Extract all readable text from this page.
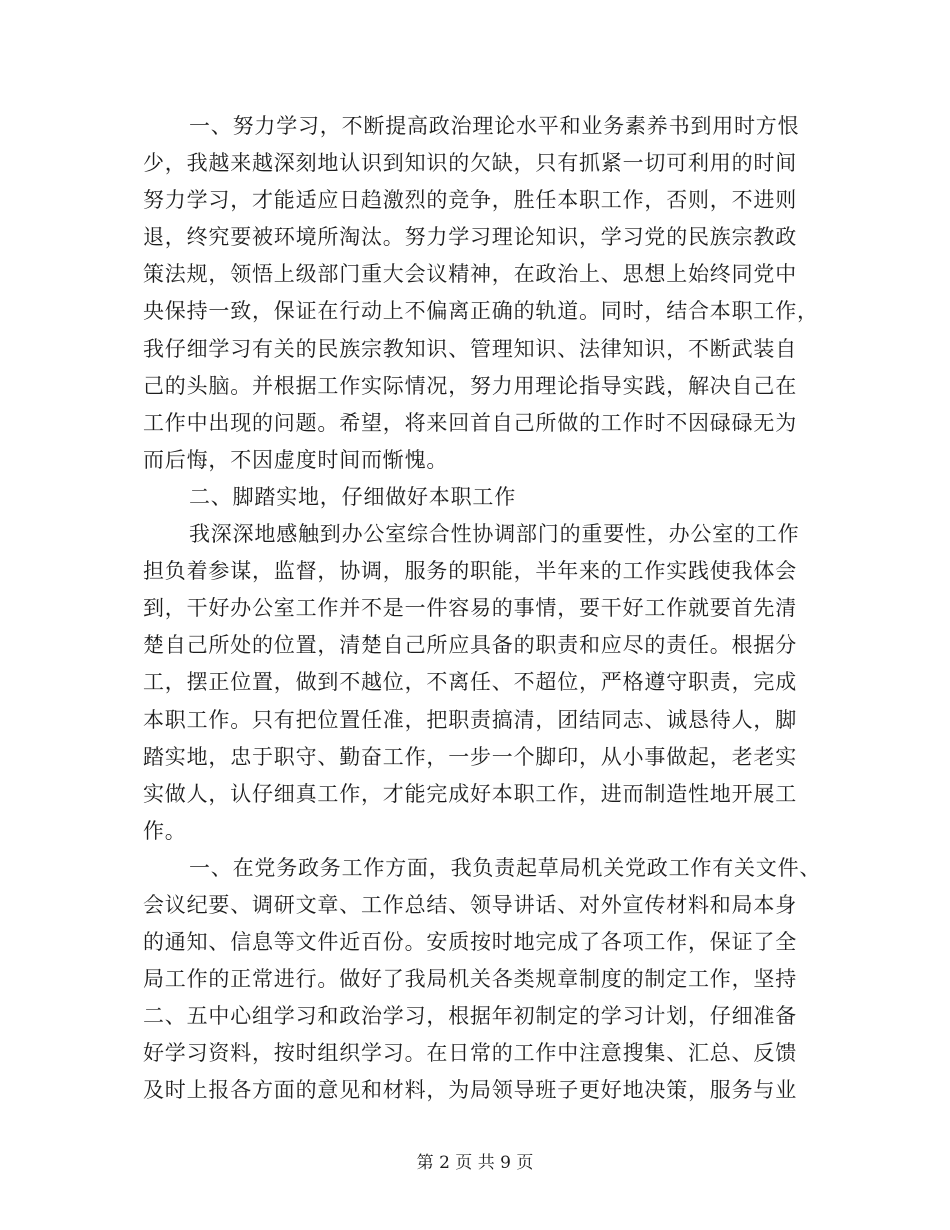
一、努力学习，不断提高政治理论水平和业务素养书到用时方恨
少，我越来越深刻地认识到知识的欠缺，只有抓紧一切可利用的时间
努力学习，才能适应日趋激烈的竞争，胜任本职工作，否则，不进则
退，终究要被环境所淘汰。努力学习理论知识，学习党的民族宗教政
策法规，领悟上级部门重大会议精神，在政治上、思想上始终同党中
央保持一致，保证在行动上不偏离正确的轨道。同时，结合本职工作，
我仔细学习有关的民族宗教知识、管理知识、法律知识，不断武装自
己的头脑。并根据工作实际情况，努力用理论指导实践，解决自己在
工作中出现的问题。希望，将来回首自己所做的工作时不因碌碌无为
而后悔，不因虚度时间而惭愧。
二、脚踏实地，仔细做好本职工作
我深深地感触到办公室综合性协调部门的重要性，办公室的工作
担负着参谋，监督，协调，服务的职能，半年来的工作实践使我体会
到，干好办公室工作并不是一件容易的事情，要干好工作就要首先清
楚自己所处的位置，清楚自己所应具备的职责和应尽的责任。根据分
工，摆正位置，做到不越位，不离任、不超位，严格遵守职责，完成
本职工作。只有把位置任准，把职责搞清，团结同志、诚恳待人，脚
踏实地，忠于职守、勤奋工作，一步一个脚印，从小事做起，老老实
实做人，认仔细真工作，才能完成好本职工作，进而制造性地开展工
作。
一、在党务政务工作方面，我负责起草局机关党政工作有关文件、
会议纪要、调研文章、工作总结、领导讲话、对外宣传材料和局本身
的通知、信息等文件近百份。安质按时地完成了各项工作，保证了全
局工作的正常进行。做好了我局机关各类规章制度的制定工作，坚持
二、五中心组学习和政治学习，根据年初制定的学习计划，仔细准备
好学习资料，按时组织学习。在日常的工作中注意搜集、汇总、反馈
及时上报各方面的意见和材料，为局领导班子更好地决策，服务与业
第 2 页 共 9 页
